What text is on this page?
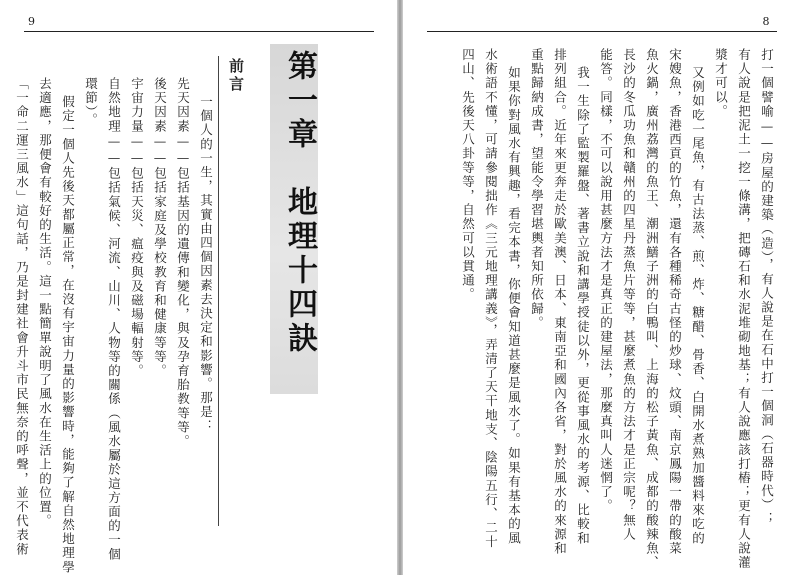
9
第一章　地理十四訣
前言
一個人的一生，其實由四個因素去決定和影響。那是：
先天因素——包括基因的遺傳和變化，與及孕育胎教等等。
後天因素——包括家庭及學校教育和健康等等。
宇宙力量——包括天災、瘟疫與及磁場輻射等。
自然地理——包括氣候、河流、山川、人物等的關係（風水屬於這方面的一個
環節）。
假定一個人先後天都屬正常，在沒有宇宙力量的影響時，能夠了解自然地理學
去適應，那便會有較好的生活。這一點簡單說明了風水在生活上的位置。
「一命二運三風水」這句話，乃是封建社會升斗市民無奈的呼聲，並不代表術
8
打一個譬喻——房屋的建築（造），有人說是在石中打一個洞（石器時代）；
有人說是把泥土一挖一條溝，把磚石和水泥堆砌地基；有人說應該打樁；更有人說灌
漿才可以。
又例如吃一尾魚，有古法蒸、煎、炸、糖醋、骨香、白開水煮熟加醬料來吃的
宋嫂魚，香港西貢的竹魚，還有各種稀奇古怪的炒球、炆頭、南京鳳陽一帶的酸菜
魚火鍋，廣州荔灣的魚王、潮洲鱔子洲的白鴨叫、上海的松子黃魚、成都的酸辣魚、
長沙的冬瓜功魚和贛州的四星丹蒸魚片等等，甚麼煮魚的方法才是正宗呢？無人
能答。同樣，不可以說用甚麼方法才是真正的建屋法，那麼真叫人迷惘了。
我一生除了監製羅盤、著書立說和講學授徒以外，更從事風水的考源、比較和
排列組合。近年來更奔走於歐美澳、日本、東南亞和國內各省，對於風水的來源和
重點歸納成書，望能令學習堪輿者知所依歸。
如果你對風水有興趣，看完本書，你便會知道甚麼是風水了。如果有基本的風
水術語不懂，可請參閱拙作《三元地理講義》，弄清了天干地支、陰陽五行、二十
四山、先後天八卦等等，自然可以貫通。
